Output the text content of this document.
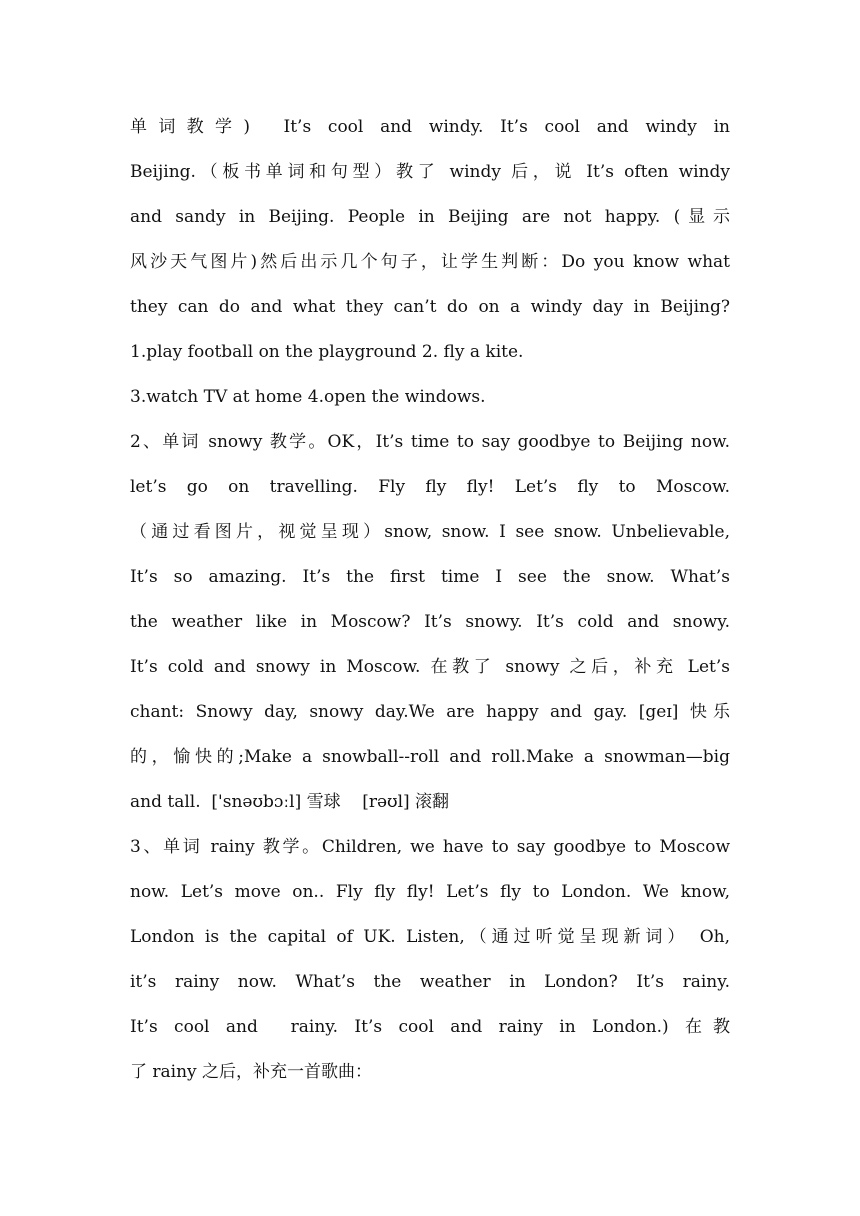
单词教学)  It’s cool and windy. It’s cool and windy in
Beijing.（板书单词和句型）教了 windy 后，说 It’s often windy
and sandy in Beijing. People in Beijing are not happy. (显示
风沙天气图片)然后出示几个句子，让学生判断：Do you know what
they can do and what they can’t do on a windy day in Beijing?
1.play football on the playground 2. fly a kite.
3.watch TV at home 4.open the windows.
2、单词 snowy 教学。OK，It’s time to say goodbye to Beijing now.
let’s go on travelling. Fly fly fly! Let’s fly to Moscow.
（通过看图片，视觉呈现）snow, snow. I see snow. Unbelievable,
It’s so amazing. It’s the first time I see the snow. What’s
the weather like in Moscow? It’s snowy. It’s cold and snowy.
It’s cold and snowy in Moscow. 在教了 snowy 之后，补充 Let’s
chant: Snowy day, snowy day.We are happy and gay. [geɪ] 快乐
的，愉快的;Make a snowball--roll and roll.Make a snowman—big
and tall.  ['snəʊbɔːl] 雪球    [rəʊl] 滚翻
3、单词 rainy 教学。Children, we have to say goodbye to Moscow
now. Let’s move on.. Fly fly fly! Let’s fly to London. We know,
London is the capital of UK. Listen,（通过听觉呈现新词） Oh,
it’s rainy now. What’s the weather in London? It’s rainy.
It’s cool and  rainy. It’s cool and rainy in London.) 在教
了 rainy 之后，补充一首歌曲：
